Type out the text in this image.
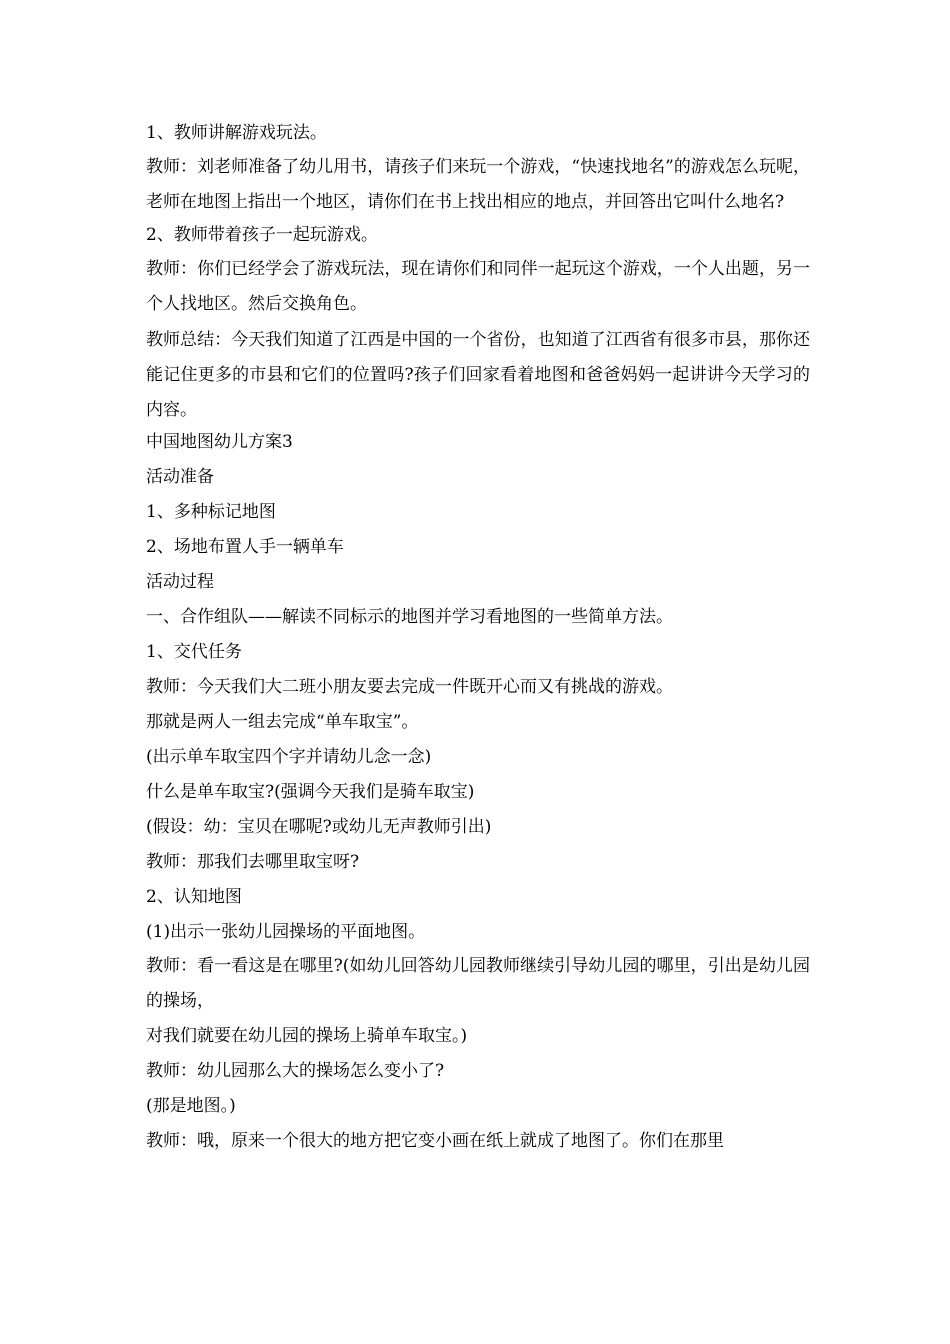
1、教师讲解游戏玩法。

教师：刘老师准备了幼儿用书，请孩子们来玩一个游戏，“快速找地名”的游戏怎么玩呢，老师在地图上指出一个地区，请你们在书上找出相应的地点，并回答出它叫什么地名?

2、教师带着孩子一起玩游戏。

教师：你们已经学会了游戏玩法，现在请你们和同伴一起玩这个游戏，一个人出题，另一个人找地区。然后交换角色。

教师总结：今天我们知道了江西是中国的一个省份，也知道了江西省有很多市县，那你还能记住更多的市县和它们的位置吗?孩子们回家看着地图和爸爸妈妈一起讲讲今天学习的内容。

中国地图幼儿方案3

活动准备

1、多种标记地图

2、场地布置人手一辆单车

活动过程

一、合作组队——解读不同标示的地图并学习看地图的一些简单方法。

1、交代任务

教师：今天我们大二班小朋友要去完成一件既开心而又有挑战的游戏。

那就是两人一组去完成“单车取宝”。

(出示单车取宝四个字并请幼儿念一念)

什么是单车取宝?(强调今天我们是骑车取宝)

(假设：幼：宝贝在哪呢?或幼儿无声教师引出)

教师：那我们去哪里取宝呀?

2、认知地图

(1)出示一张幼儿园操场的平面地图。

教师：看一看这是在哪里?(如幼儿回答幼儿园教师继续引导幼儿园的哪里，引出是幼儿园的操场，

对我们就要在幼儿园的操场上骑单车取宝。)

教师：幼儿园那么大的操场怎么变小了?

(那是地图。)

教师：哦，原来一个很大的地方把它变小画在纸上就成了地图了。你们在那里
